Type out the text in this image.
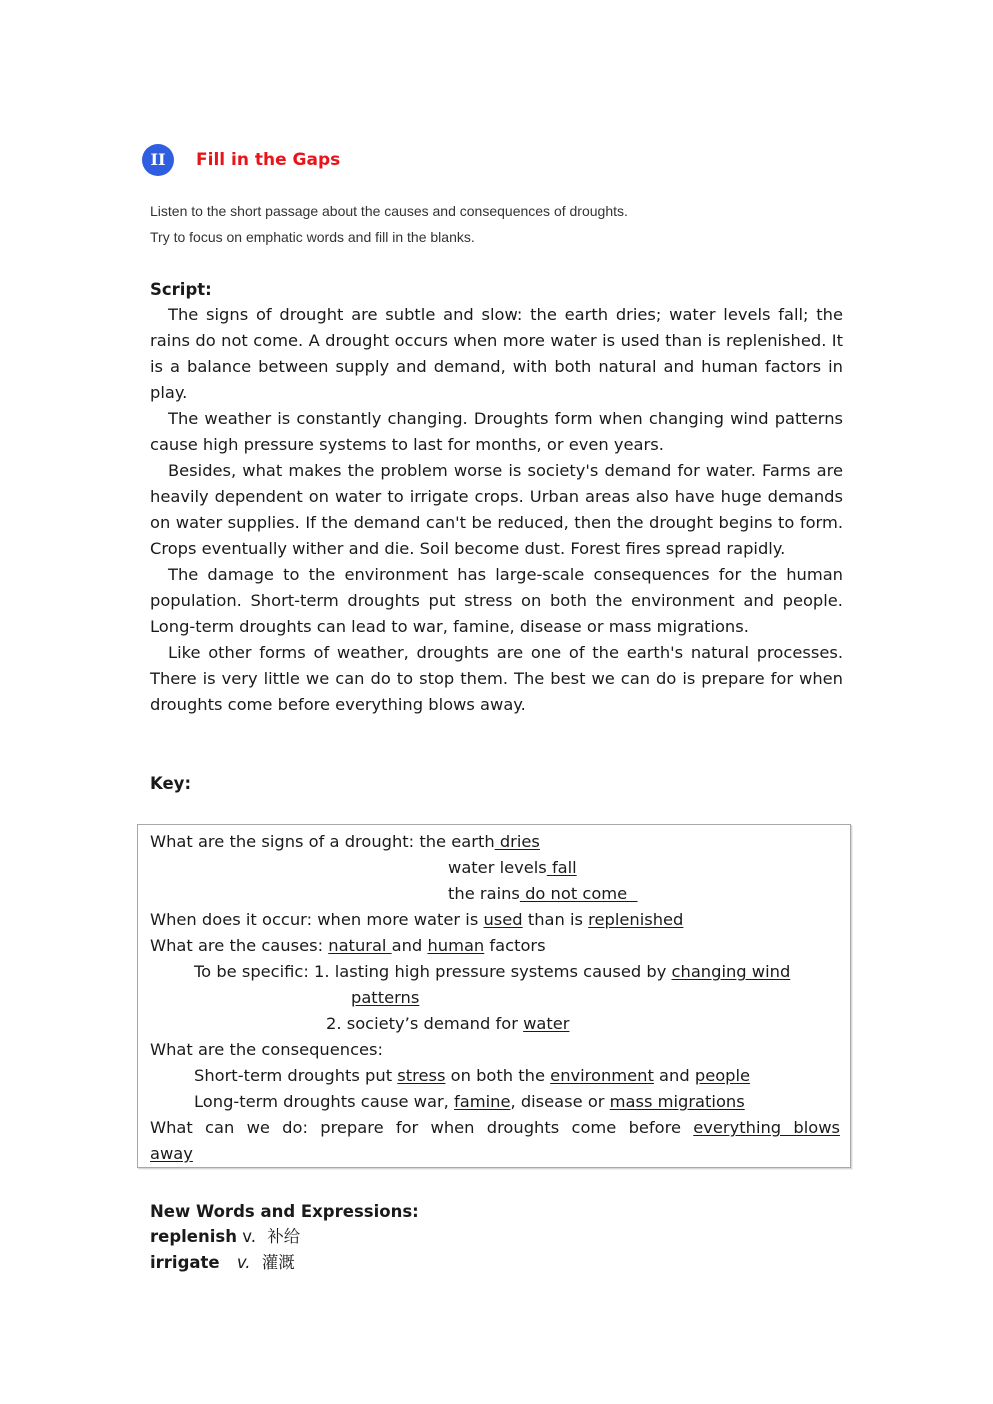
II	Fill in the Gaps
Listen to the short passage about the causes and consequences of droughts.
Try to focus on emphatic words and fill in the blanks.
Script:

The signs of drought are subtle and slow: the earth dries; water levels fall; the rains do not come. A drought occurs when more water is used than is replenished. It is a balance between supply and demand, with both natural and human factors in play.

The weather is constantly changing. Droughts form when changing wind patterns cause high pressure systems to last for months, or even years.

Besides, what makes the problem worse is society's demand for water. Farms are heavily dependent on water to irrigate crops. Urban areas also have huge demands on water supplies. If the demand can't be reduced, then the drought begins to form. Crops eventually wither and die. Soil become dust. Forest fires spread rapidly.

The damage to the environment has large-scale consequences for the human population. Short-term droughts put stress on both the environment and people. Long-term droughts can lead to war, famine, disease or mass migrations.

Like other forms of weather, droughts are one of the earth's natural processes. There is very little we can do to stop them. The best we can do is prepare for when droughts come before everything blows away.

Key:

What are the signs of a drought: the earth dries

water levels fall

the rains do not come

When does it occur: when more water is used than is replenished

What are the causes: natural and human factors

To be specific: 1. lasting high pressure systems caused by changing wind

patterns

2. society’s demand for water

What are the consequences:

Short-term droughts put stress on both the environment and people

Long-term droughts cause war, famine, disease or mass migrations

What can we do: prepare for when droughts come before everything blows

away

New Words and Expressions:
replenish v. 补给
irrigate v. 灌溉
